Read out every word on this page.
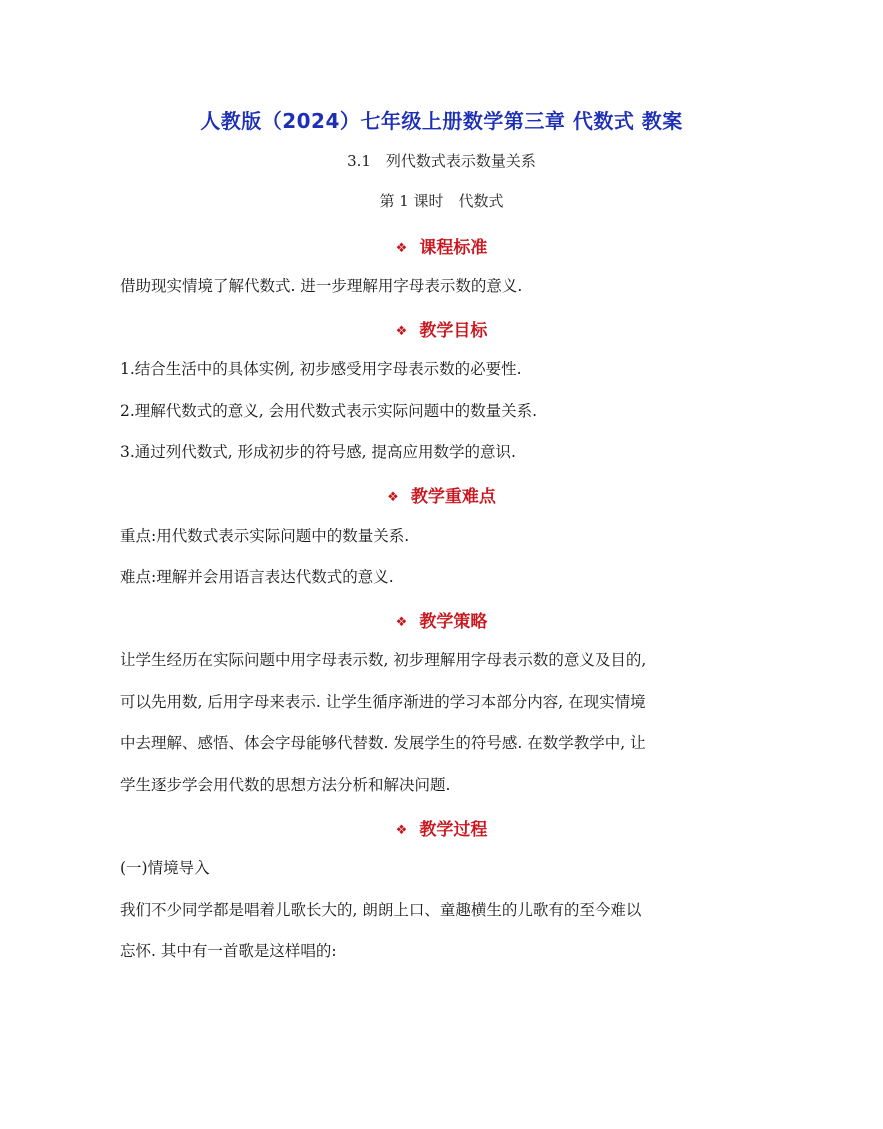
人教版（2024）七年级上册数学第三章 代数式 教案
3.1　列代数式表示数量关系
第 1 课时　代数式
❖ 课程标准
借助现实情境了解代数式. 进一步理解用字母表示数的意义.
❖ 教学目标
1.结合生活中的具体实例, 初步感受用字母表示数的必要性.
2.理解代数式的意义, 会用代数式表示实际问题中的数量关系.
3.通过列代数式, 形成初步的符号感, 提高应用数学的意识.
❖ 教学重难点
重点:用代数式表示实际问题中的数量关系.
难点:理解并会用语言表达代数式的意义.
❖ 教学策略
让学生经历在实际问题中用字母表示数, 初步理解用字母表示数的意义及目的,
可以先用数, 后用字母来表示. 让学生循序渐进的学习本部分内容, 在现实情境
中去理解、感悟、体会字母能够代替数. 发展学生的符号感. 在数学教学中, 让
学生逐步学会用代数的思想方法分析和解决问题.
❖ 教学过程
(一)情境导入
我们不少同学都是唱着儿歌长大的, 朗朗上口、童趣横生的儿歌有的至今难以
忘怀. 其中有一首歌是这样唱的:
